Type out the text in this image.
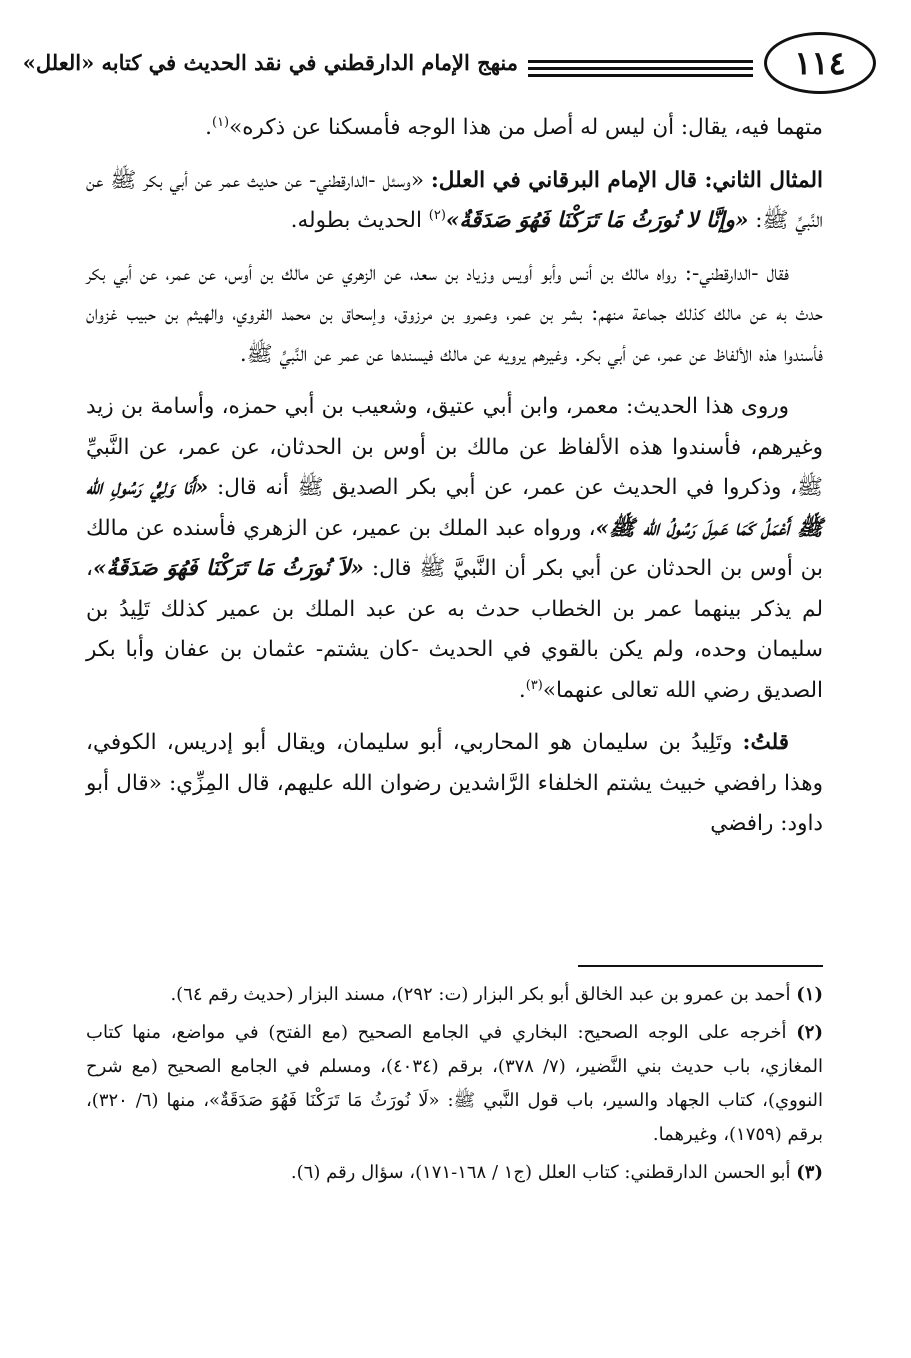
١١٤
منهج الإمام الدارقطني في نقد الحديث في كتابه «العلل»

متهما فيه، يقال: أن ليس له أصل من هذا الوجه فأمسكنا عن ذكره»$^{(١)}$.

المثال الثاني: قال الإمام البرقاني في العلل: «وسئل -الدارقطني- عن حديث عمر عن أبي بكر ﷺ عن النَّبيِّ ﷺ: «وإنَّا لا نُورَثُ مَا تَرَكْنَا فَهُوَ صَدَقَةٌ»$^{(٢)}$ الحديث بطوله.

فقال -الدارقطني-: رواه مالك بن أنس وأبو أويس وزياد بن سعد، عن الزهري عن مالك بن أوس، عن عمر، عن أبي بكر حدث به عن مالك كذلك جماعة منهم: بشر بن عمر، وعمرو بن مرزوق، وإسحاق بن محمد الفروي، والهيثم بن حبيب غزوان فأسندوا هذه الألفاظ عن عمر، عن أبي بكر. وغيرهم يرويه عن مالك فيسندها عن عمر عن النَّبيِّ ﷺ.

وروى هذا الحديث: معمر، وابن أبي عتيق، وشعيب بن أبي حمزه، وأسامة بن زيد وغيرهم، فأسندوا هذه الألفاظ عن مالك بن أوس بن الحدثان، عن عمر، عن النَّبيِّ ﷺ، وذكروا في الحديث عن عمر، عن أبي بكر الصديق ﷺ أنه قال: «أَنَا وَلِيُّ رَسُولِ الله ﷺ أَعْمَلُ كَمَا عَمِلَ رَسُولُ الله ﷺ»، ورواه عبد الملك بن عمير، عن الزهري فأسنده عن مالك بن أوس بن الحدثان عن أبي بكر أن النَّبيَّ ﷺ قال: «لاَ نُورَثُ مَا تَرَكْنَا فَهُوَ صَدَقَةٌ»، لم يذكر بينهما عمر بن الخطاب حدث به عن عبد الملك بن عمير كذلك تَلِيدُ بن سليمان وحده، ولم يكن بالقوي في الحديث -كان يشتم- عثمان بن عفان وأبا بكر الصديق رضي الله تعالى عنهما»$^{(٣)}$.

قلتُ: وتَلِيدُ بن سليمان هو المحاربي، أبو سليمان، ويقال أبو إدريس، الكوفي، وهذا رافضي خبيث يشتم الخلفاء الرَّاشدين رضوان الله عليهم، قال المِزِّي: «قال أبو داود: رافضي

(١) أحمد بن عمرو بن عبد الخالق أبو بكر البزار (ت: ٢٩٢)، مسند البزار (حديث رقم ٦٤).

(٢) أخرجه على الوجه الصحيح: البخاري في الجامع الصحيح (مع الفتح) في مواضع، منها كتاب المغازي، باب حديث بني النَّضير، (٧/ ٣٧٨)، برقم (٤٠٣٤)، ومسلم في الجامع الصحيح (مع شرح النووي)، كتاب الجهاد والسير، باب قول النَّبي ﷺ: «لَا نُورَثُ مَا تَرَكْنَا فَهُوَ صَدَقَةٌ»، منها (٦/ ٣٢٠)، برقم (١٧٥٩)، وغيرهما.

(٣) أبو الحسن الدارقطني: كتاب العلل (ج١ / ١٦٨-١٧١)، سؤال رقم (٦).
